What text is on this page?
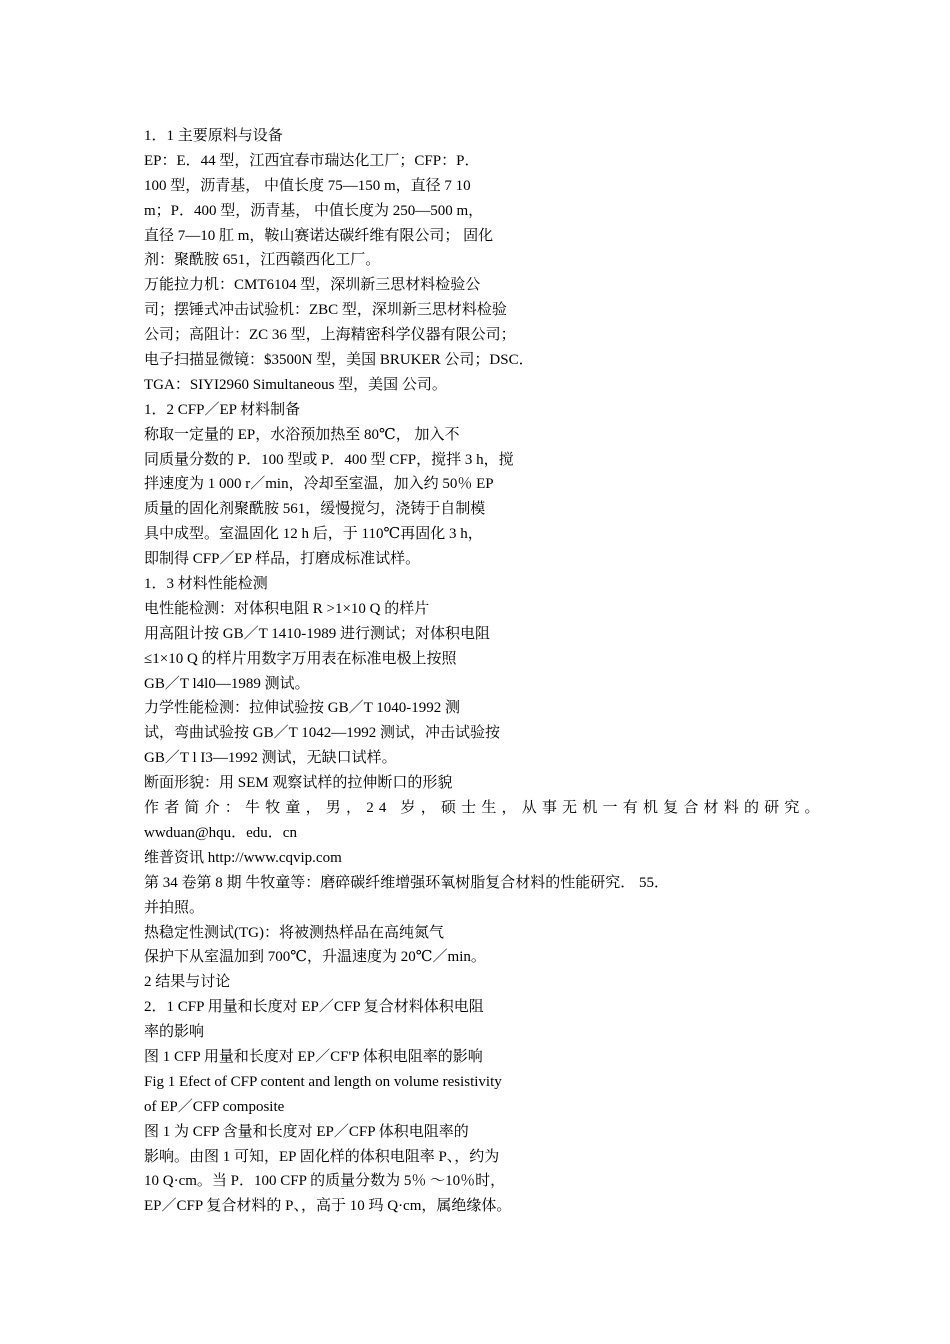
1．1 主要原料与设备
EP：E．44 型，江西宜春市瑞达化工厂；CFP：P．
100 型，沥青基， 中值长度 75—150 m，直径 7 10
m；P．400 型，沥青基， 中值长度为 250—500 m，
直径 7—10 肛 m，鞍山赛诺达碳纤维有限公司； 固化
剂：聚酰胺 651，江西赣西化工厂。
万能拉力机：CMT6104 型，深圳新三思材料检验公
司；摆锤式冲击试验机：ZBC 型，深圳新三思材料检验
公司；高阻计：ZC 36 型，上海精密科学仪器有限公司；
电子扫描显微镜：$3500N 型，美国 BRUKER 公司；DSC．
TGA：SIYI2960 Simultaneous 型，美国 公司。
1．2 CFP／EP 材料制备
称取一定量的 EP，水浴预加热至 80℃， 加入不
同质量分数的 P．100 型或 P．400 型 CFP，搅拌 3 h，搅
拌速度为 1 000 r／min，冷却至室温，加入约 50％ EP
质量的固化剂聚酰胺 561，缓慢搅匀，浇铸于自制模
具中成型。室温固化 12 h 后，于 110℃再固化 3 h，
即制得 CFP／EP 样品，打磨成标准试样。
1．3 材料性能检测
电性能检测：对体积电阻 R >1×10 Q 的样片
用高阻计按 GB／T 1410-1989 进行测试；对体积电阻
≤1×10 Q 的样片用数字万用表在标准电极上按照
GB／T l4l0—1989 测试。
力学性能检测：拉伸试验按 GB／T 1040-1992 测
试，弯曲试验按 GB／T 1042—1992 测试，冲击试验按
GB／T l I3—1992 测试，无缺口试样。
断面形貌：用 SEM 观察试样的拉伸断口的形貌
作者简介：牛牧童，男，24 岁，硕士生，从事无机一有机复合材料的研究。
wwduan@hqu．edu．cn
维普资讯 http://www.cqvip.com
第 34 卷第 8 期 牛牧童等：磨碎碳纤维增强环氧树脂复合材料的性能研究． 55．
并拍照。
热稳定性测试(TG)：将被测热样品在高纯氮气
保护下从室温加到 700℃，升温速度为 20℃／min。
2 结果与讨论
2．1 CFP 用量和长度对 EP／CFP 复合材料体积电阻
率的影响
图 1 CFP 用量和长度对 EP／CF'P 体积电阻率的影响
Fig 1 Efect of CFP content and length on volume resistivity
of EP／CFP composite
图 1 为 CFP 含量和长度对 EP／CFP 体积电阻率的
影响。由图 1 可知，EP 固化样的体积电阻率 P、，约为
10 Q·cm。当 P．100 CFP 的质量分数为 5％ ～10％时，
EP／CFP 复合材料的 P、，高于 10 玛 Q·cm，属绝缘体。
